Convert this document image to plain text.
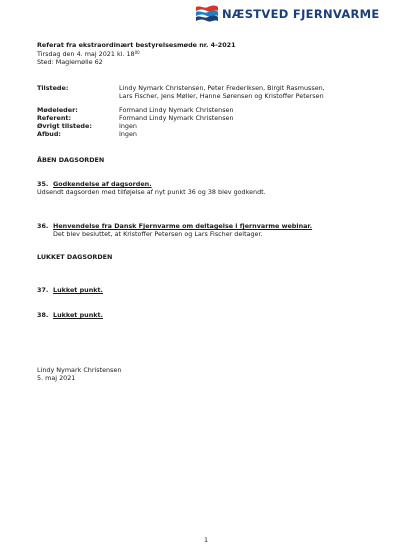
NÆSTVED FJERNVARME
Referat fra ekstraordinært bestyrelsesmøde nr. 4-2021
Tirsdag den 4. maj 2021 kl. $18^{00}$
Sted: Maglemølle 62
Tilstede:	Lindy Nymark Christensen, Peter Frederiksen, Birgit Rasmussen,
Lars Fischer, Jens Møller, Hanne Sørensen og Kristoffer Petersen
Mødeleder:	Formand Lindy Nymark Christensen
Referent:	Formand Lindy Nymark Christensen
Øvrigt tilstede:	Ingen
Afbud:	Ingen
ÅBEN DAGSORDEN
35. Godkendelse af dagsorden.
Udsendt dagsorden med tilføjelse af nyt punkt 36 og 38 blev godkendt.
36. Henvendelse fra Dansk Fjernvarme om deltagelse i fjernvarme webinar.
Det blev besluttet, at Kristoffer Petersen og Lars Fischer deltager.
LUKKET DAGSORDEN
37. Lukket punkt.
38. Lukket punkt.
Lindy Nymark Christensen
5. maj 2021
1
